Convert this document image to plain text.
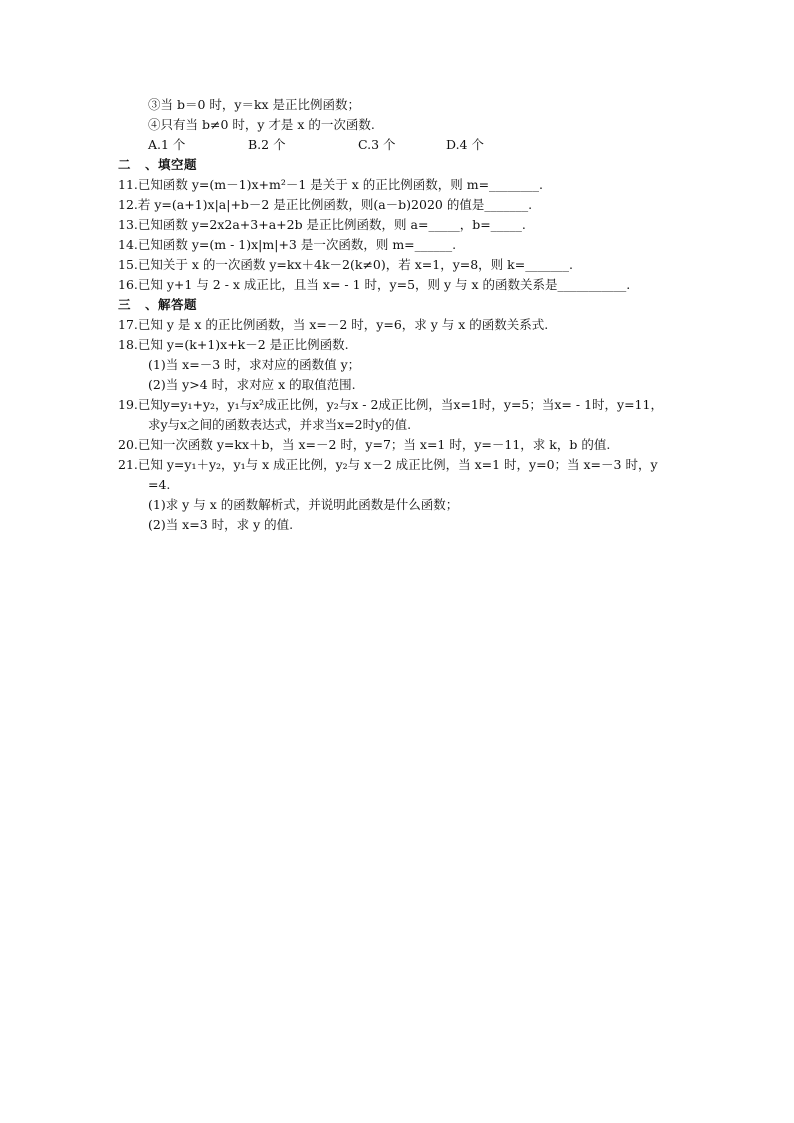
③当 b＝0 时，y＝kx 是正比例函数；
④只有当 b≠0 时，y 才是 x 的一次函数.
A.1 个	B.2 个	C.3 个	D.4 个
二 、填空题
11.已知函数 y=(m－1)x+m²－1 是关于 x 的正比例函数，则 m=________.
12.若 y=(a+1)x|a|+b－2 是正比例函数，则(a－b)2020 的值是_______.
13.已知函数 y=2x2a+3+a+2b 是正比例函数，则 a=_____，b=_____.
14.已知函数 y=(m - 1)x|m|+3 是一次函数，则 m=______.
15.已知关于 x 的一次函数 y=kx＋4k－2(k≠0)，若 x=1，y=8，则 k=_______.
16.已知 y+1 与 2 - x 成正比，且当 x= - 1 时，y=5，则 y 与 x 的函数关系是___________.
三 、解答题
17.已知 y 是 x 的正比例函数，当 x=－2 时，y=6，求 y 与 x 的函数关系式.
18.已知 y=(k+1)x+k－2 是正比例函数.
(1)当 x=－3 时，求对应的函数值 y；
(2)当 y>4 时，求对应 x 的取值范围.
19.已知y=y₁+y₂，y₁与x²成正比例，y₂与x - 2成正比例，当x=1时，y=5；当x= - 1时，y=11，
求y与x之间的函数表达式，并求当x=2时y的值.
20.已知一次函数 y=kx＋b，当 x=－2 时，y=7；当 x=1 时，y=－11，求 k，b 的值.
21.已知 y=y₁＋y₂，y₁与 x 成正比例，y₂与 x－2 成正比例，当 x=1 时，y=0；当 x=－3 时，y
=4.
(1)求 y 与 x 的函数解析式，并说明此函数是什么函数；
(2)当 x=3 时，求 y 的值.
